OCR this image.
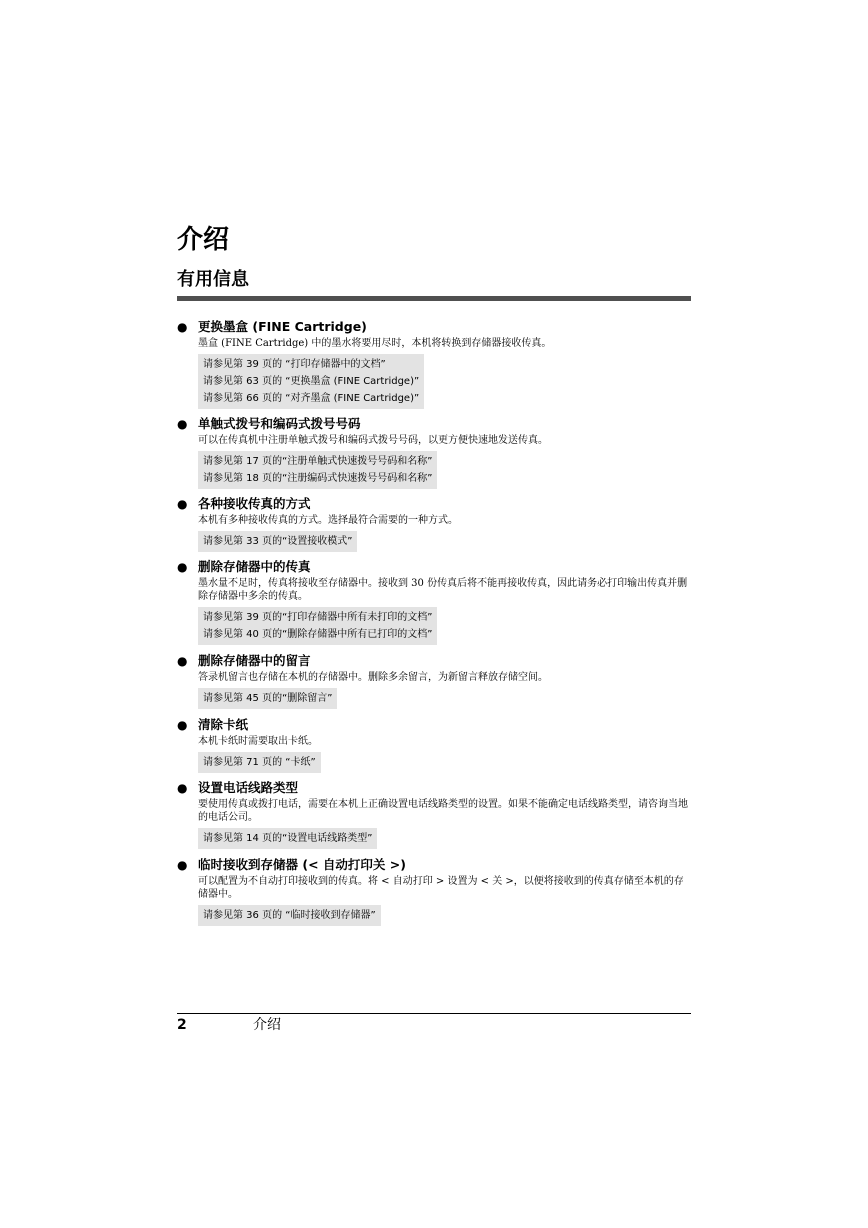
介绍
有用信息
● 更换墨盒 (FINE Cartridge)
墨盒 (FINE Cartridge) 中的墨水将要用尽时，本机将转换到存储器接收传真。
请参见第 39 页的 “打印存储器中的文档”
请参见第 63 页的 “更换墨盒 (FINE Cartridge)”
请参见第 66 页的 “对齐墨盒 (FINE Cartridge)”
● 单触式拨号和编码式拨号号码
可以在传真机中注册单触式拨号和编码式拨号号码，以更方便快速地发送传真。
请参见第 17 页的“注册单触式快速拨号号码和名称”
请参见第 18 页的“注册编码式快速拨号号码和名称”
● 各种接收传真的方式
本机有多种接收传真的方式。选择最符合需要的一种方式。
请参见第 33 页的“设置接收模式”
● 删除存储器中的传真
墨水量不足时，传真将接收至存储器中。接收到 30 份传真后将不能再接收传真，因此请务必打印输出传真并删除存储器中多余的传真。
请参见第 39 页的“打印存储器中所有未打印的文档”
请参见第 40 页的“删除存储器中所有已打印的文档”
● 删除存储器中的留言
答录机留言也存储在本机的存储器中。删除多余留言，为新留言释放存储空间。
请参见第 45 页的“删除留言”
● 清除卡纸
本机卡纸时需要取出卡纸。
请参见第 71 页的 “卡纸”
● 设置电话线路类型
要使用传真或拨打电话，需要在本机上正确设置电话线路类型的设置。如果不能确定电话线路类型，请咨询当地的电话公司。
请参见第 14 页的“设置电话线路类型”
● 临时接收到存储器 (< 自动打印关 >)
可以配置为不自动打印接收到的传真。将 < 自动打印 > 设置为 < 关 >，以便将接收到的传真存储至本机的存储器中。
请参见第 36 页的 “临时接收到存储器”
2	介绍
